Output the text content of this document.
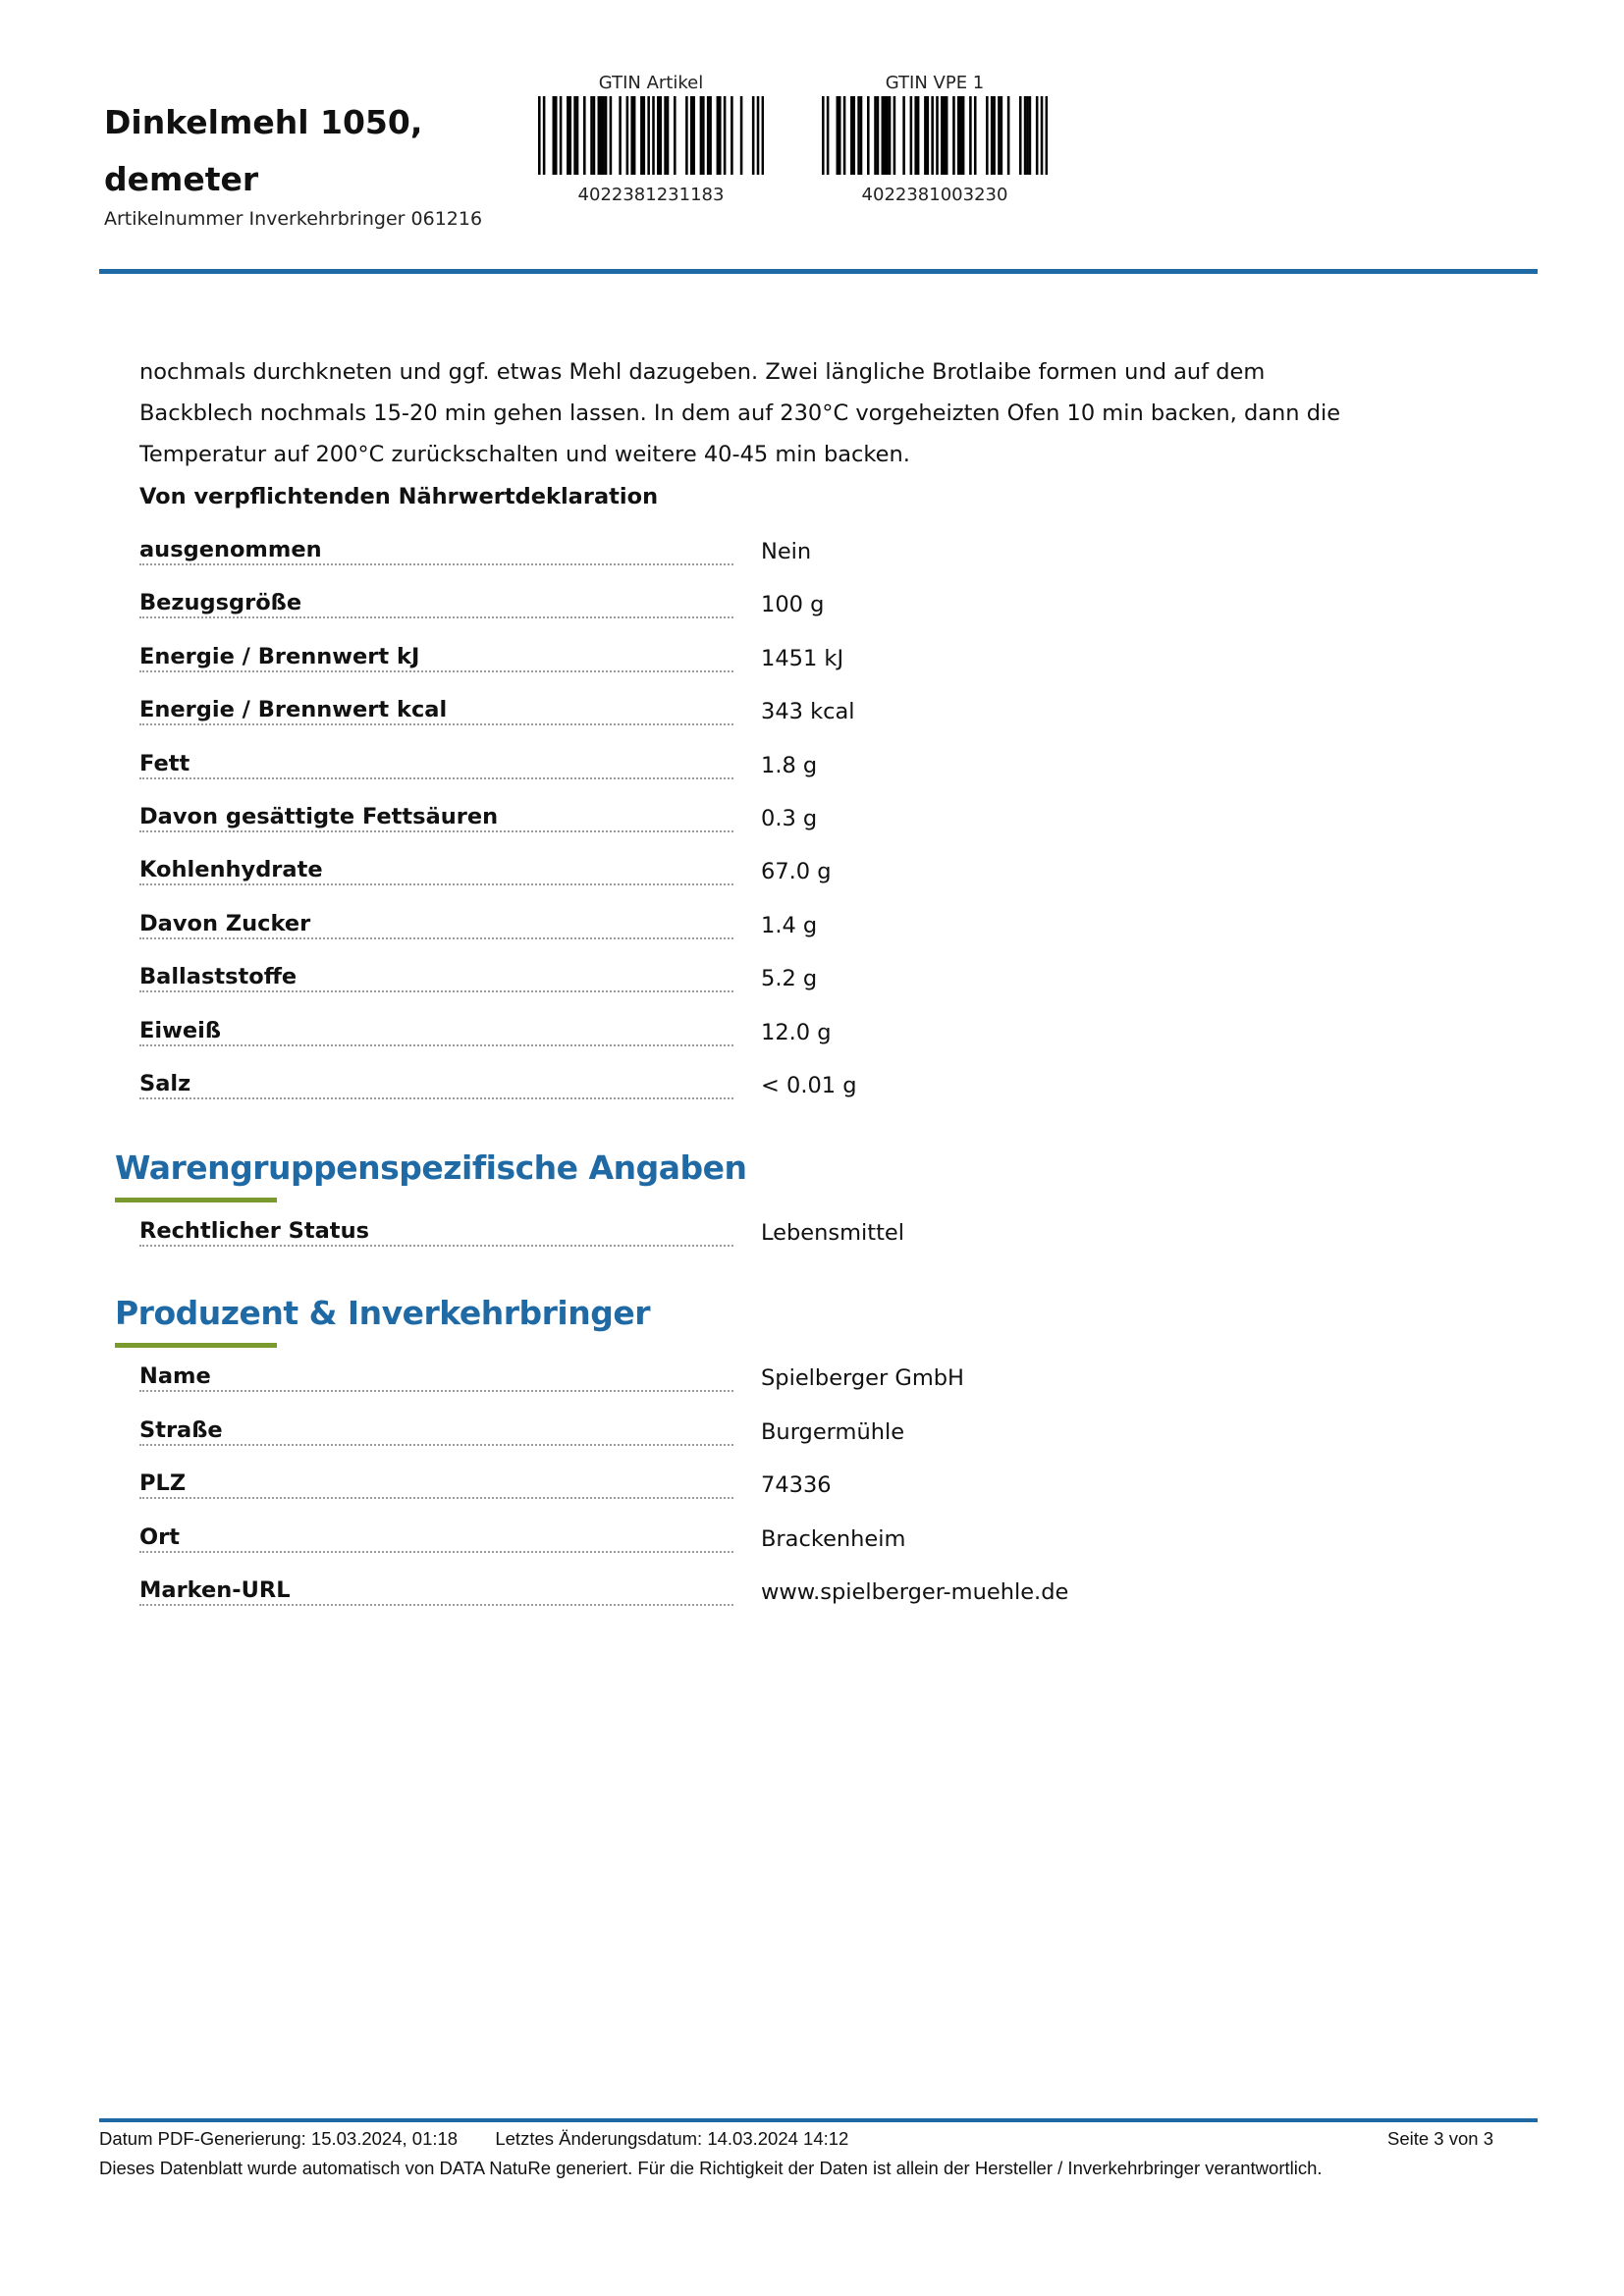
Dinkelmehl 1050,
demeter
Artikelnummer Inverkehrbringer 061216
GTIN Artikel
4022381231183
GTIN VPE 1
4022381003230
nochmals durchkneten und ggf. etwas Mehl dazugeben. Zwei längliche Brotlaibe formen und auf dem
Backblech nochmals 15-20 min gehen lassen. In dem auf 230°C vorgeheizten Ofen 10 min backen, dann die
Temperatur auf 200°C zurückschalten und weitere 40-45 min backen.
Von verpflichtenden Nährwertdeklaration
ausgenommen	Nein
Bezugsgröße	100 g
Energie / Brennwert kJ	1451 kJ
Energie / Brennwert kcal	343 kcal
Fett	1.8 g
Davon gesättigte Fettsäuren	0.3 g
Kohlenhydrate	67.0 g
Davon Zucker	1.4 g
Ballaststoffe	5.2 g
Eiweiß	12.0 g
Salz	< 0.01 g
Warengruppenspezifische Angaben
Rechtlicher Status	Lebensmittel
Produzent & Inverkehrbringer
Name	Spielberger GmbH
Straße	Burgermühle
PLZ	74336
Ort	Brackenheim
Marken-URL	www.spielberger-muehle.de
Datum PDF-Generierung: 15.03.2024, 01:18 Letztes Änderungsdatum: 14.03.2024 14:12	Seite 3 von 3
Dieses Datenblatt wurde automatisch von DATA NatuRe generiert. Für die Richtigkeit der Daten ist allein der Hersteller / Inverkehrbringer verantwortlich.
